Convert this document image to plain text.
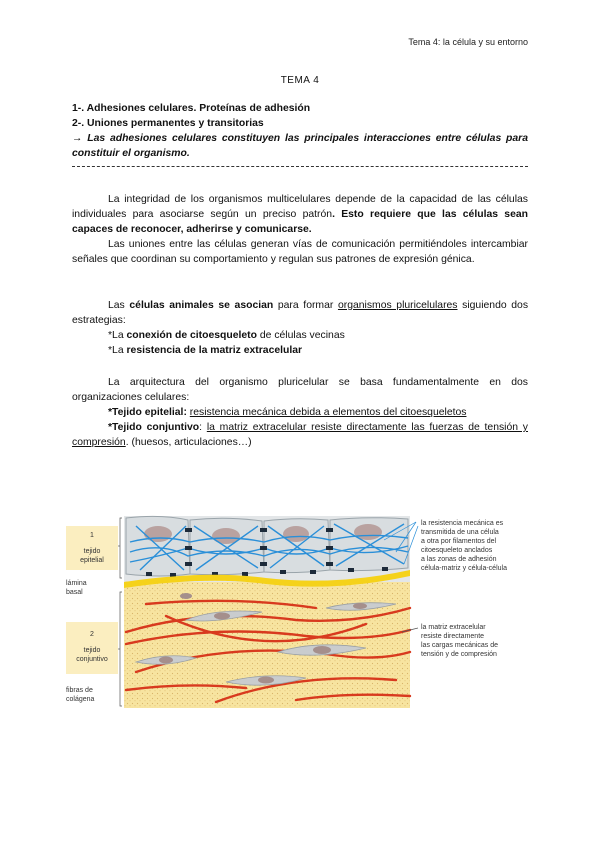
Tema 4: la célula y su entorno
TEMA 4
1-. Adhesiones celulares. Proteínas de adhesión
2-. Uniones permanentes y transitorias
→ Las adhesiones celulares constituyen las principales interacciones entre células para constituir el organismo.
La integridad de los organismos multicelulares depende de la capacidad de las células individuales para asociarse según un preciso patrón. Esto requiere que las células sean capaces de reconocer, adherirse y comunicarse.
Las uniones entre las células generan vías de comunicación permitiéndoles intercambiar señales que coordinan su comportamiento y regulan sus patrones de expresión génica.
Las células animales se asocian para formar organismos pluricelulares siguiendo dos estrategias:
*La conexión de citoesqueleto de células vecinas
*La resistencia de la matriz extracelular
La arquitectura del organismo pluricelular se basa fundamentalmente en dos organizaciones celulares:
*Tejido epitelial: resistencia mecánica debida a elementos del citoesqueletos
*Tejido conjuntivo: la matriz extracelular resiste directamente las fuerzas de tensión y compresión. (huesos, articulaciones…)
1
tejido
epitelial
lámina
basal
2
tejido
conjuntivo
fibras de
colágena
la resistencia mecánica es
transmitida de una célula
a otra por filamentos del
citoesqueleto anclados
a las zonas de adhesión
célula-matriz y célula-célula
la matriz extracelular
resiste directamente
las cargas mecánicas de
tensión y de compresión
